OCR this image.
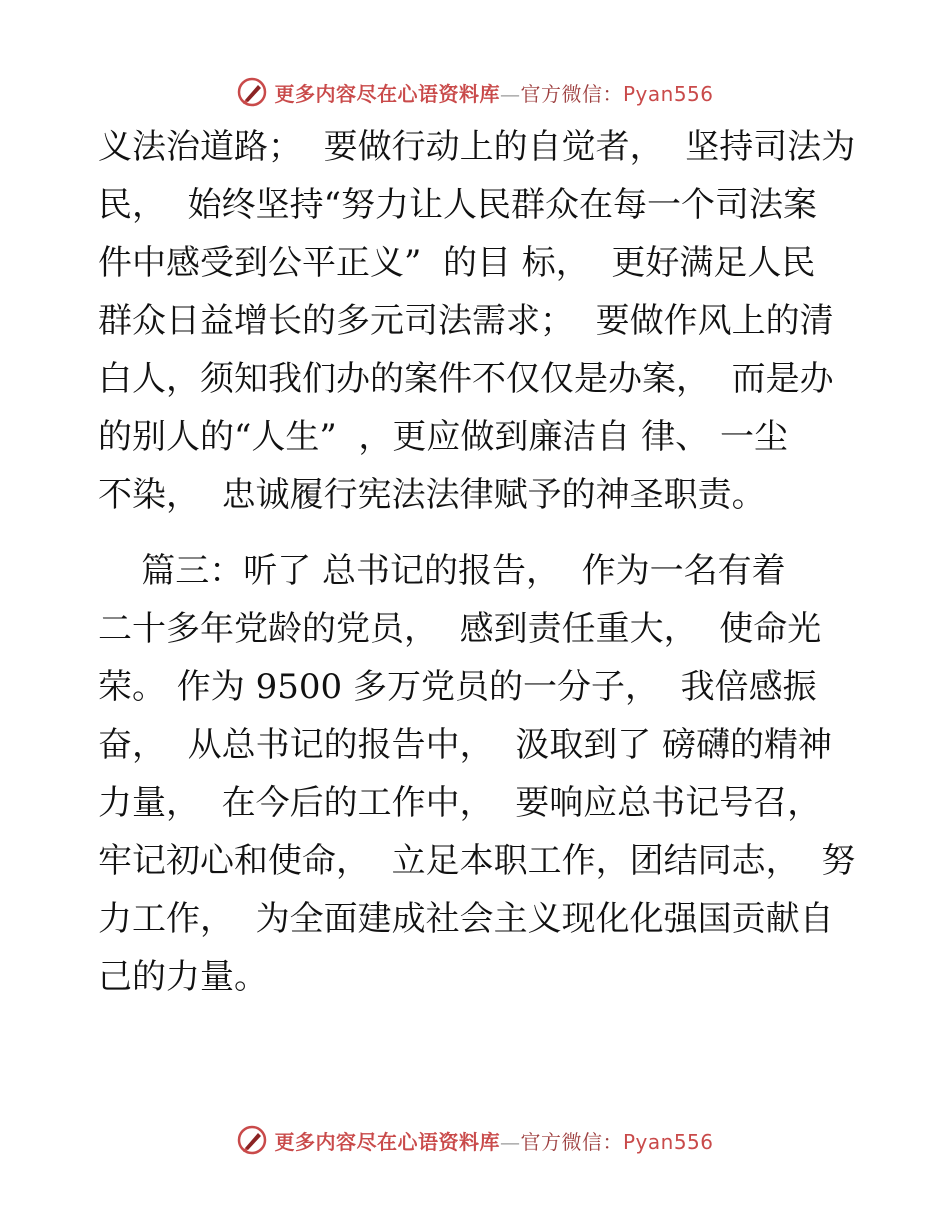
更多内容尽在心语资料库—官方微信：Pyan556
义法治道路；  要做行动上的自觉者，  坚持司法为
民，  始终坚持“努力让人民群众在每一个司法案
件中感受到公平正义”  的目 标，  更好满足人民
群众日益增长的多元司法需求；  要做作风上的清
白人，须知我们办的案件不仅仅是办案，  而是办
的别人的“人生”  ，更应做到廉洁自 律、 一尘
不染，  忠诚履行宪法法律赋予的神圣职责。
篇三：听了 总书记的报告，  作为一名有着
二十多年党龄的党员，  感到责任重大，  使命光
荣。 作为 9500 多万党员的一分子，  我倍感振
奋，  从总书记的报告中，  汲取到了 磅礴的精神
力量，  在今后的工作中，  要响应总书记号召，
牢记初心和使命，  立足本职工作，团结同志，  努
力工作，  为全面建成社会主义现化化强国贡献自
己的力量。
更多内容尽在心语资料库—官方微信：Pyan556
